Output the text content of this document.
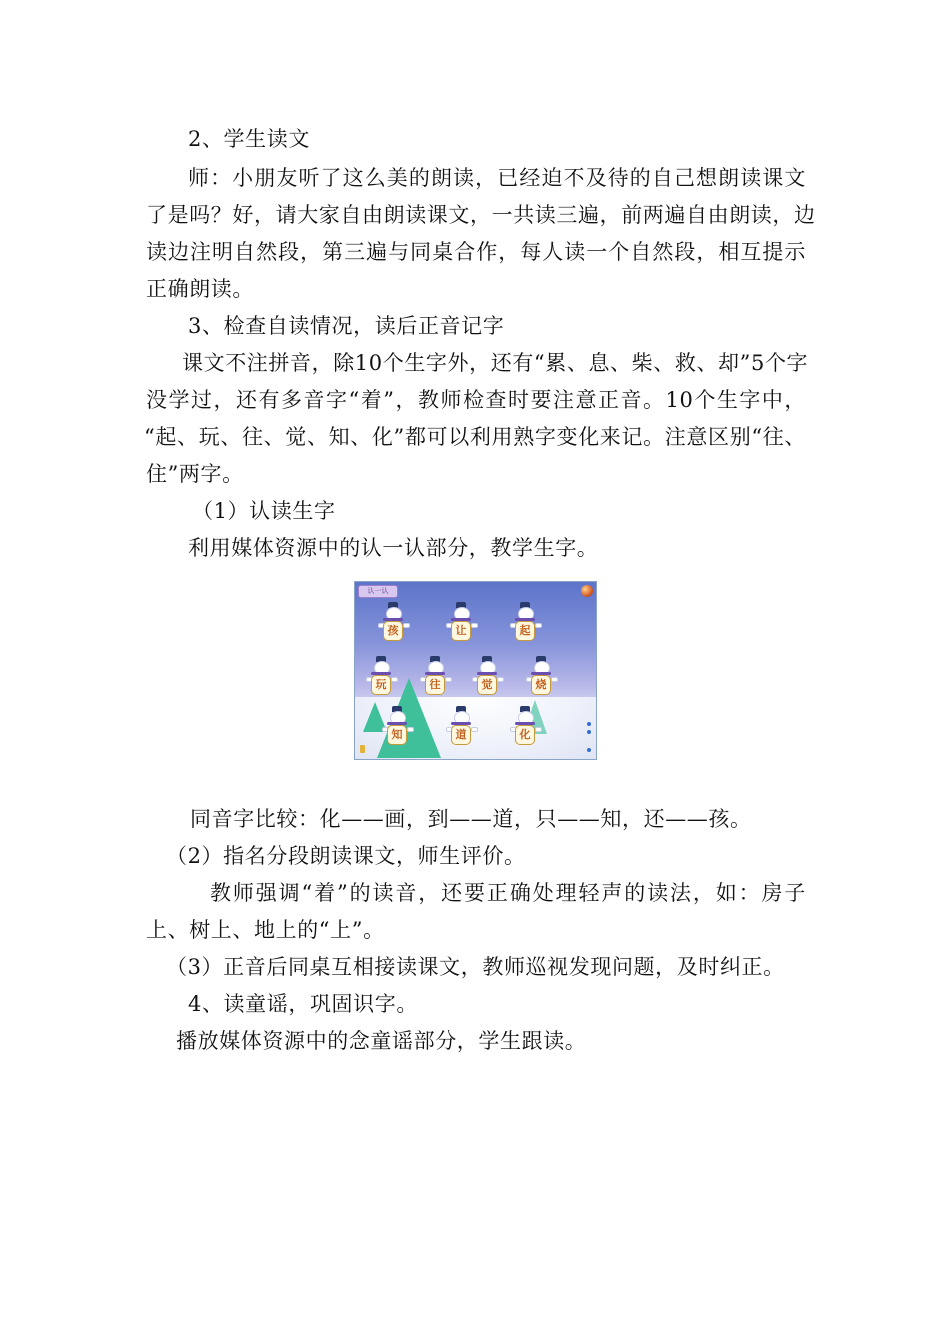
2、学生读文

师：小朋友听了这么美的朗读，已经迫不及待的自己想朗读课文

了是吗？好，请大家自由朗读课文，一共读三遍，前两遍自由朗读，边

读边注明自然段，第三遍与同桌合作，每人读一个自然段，相互提示

正确朗读。

3、检查自读情况，读后正音记字

课文不注拼音，除10个生字外，还有“累、息、柴、救、却”5个字

没学过，还有多音字“着”，教师检查时要注意正音。10个生字中，

“起、玩、往、觉、知、化”都可以利用熟字变化来记。注意区别“往、

住”两字。

（1）认读生字

利用媒体资源中的认一认部分，教学生字。

认一认
孩	让	起
玩	往	觉	烧
知	道	化

同音字比较：化——画，到——道，只——知，还——孩。

（2）指名分段朗读课文，师生评价。

教师强调“着”的读音，还要正确处理轻声的读法，如：房子

上、树上、地上的“上”。

（3）正音后同桌互相接读课文，教师巡视发现问题，及时纠正。

4、读童谣，巩固识字。

播放媒体资源中的念童谣部分，学生跟读。
